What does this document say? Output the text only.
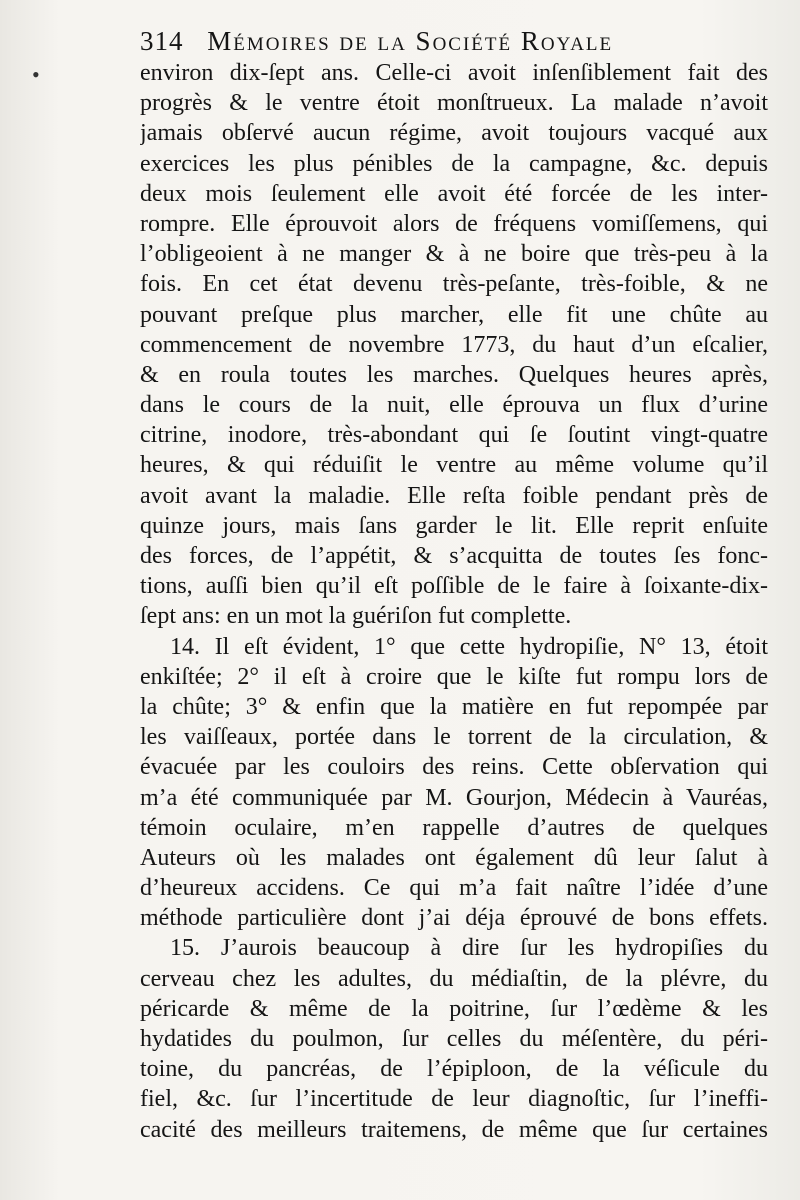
314 Mémoires de la Société Royale
•	environ dix-ſept ans. Celle-ci avoit inſenſiblement fait des
progrès & le ventre étoit monſtrueux. La malade n’avoit
jamais obſervé aucun régime, avoit toujours vacqué aux
exercices les plus pénibles de la campagne, &c. depuis
deux mois ſeulement elle avoit été forcée de les inter-
rompre. Elle éprouvoit alors de fréquens vomiſſemens, qui
l’obligeoient à ne manger & à ne boire que très-peu à la
fois. En cet état devenu très-peſante, très-foible, & ne
pouvant preſque plus marcher, elle fit une chûte au
commencement de novembre 1773, du haut d’un eſcalier,
& en roula toutes les marches. Quelques heures après,
dans le cours de la nuit, elle éprouva un flux d’urine
citrine, inodore, très-abondant qui ſe ſoutint vingt-quatre
heures, & qui réduiſit le ventre au même volume qu’il
avoit avant la maladie. Elle reſta foible pendant près de
quinze jours, mais ſans garder le lit. Elle reprit enſuite
des forces, de l’appétit, & s’acquitta de toutes ſes fonc-
tions, auſſi bien qu’il eſt poſſible de le faire à ſoixante-dix-
ſept ans: en un mot la guériſon fut complette.
14. Il eſt évident, 1° que cette hydropiſie, N° 13, étoit
enkiſtée; 2° il eſt à croire que le kiſte fut rompu lors de
la chûte; 3° & enfin que la matière en fut repompée par
les vaiſſeaux, portée dans le torrent de la circulation, &
évacuée par les couloirs des reins. Cette obſervation qui
m’a été communiquée par M. Gourjon, Médecin à Vauréas,
témoin oculaire, m’en rappelle d’autres de quelques
Auteurs où les malades ont également dû leur ſalut à
d’heureux accidens. Ce qui m’a fait naître l’idée d’une
méthode particulière dont j’ai déja éprouvé de bons effets.
15. J’aurois beaucoup à dire ſur les hydropiſies du
cerveau chez les adultes, du médiaſtin, de la plévre, du
péricarde & même de la poitrine, ſur l’œdème & les
hydatides du poulmon, ſur celles du méſentère, du péri-
toine, du pancréas, de l’épiploon, de la véſicule du
fiel, &c. ſur l’incertitude de leur diagnoſtic, ſur l’ineffi-
cacité des meilleurs traitemens, de même que ſur certaines
